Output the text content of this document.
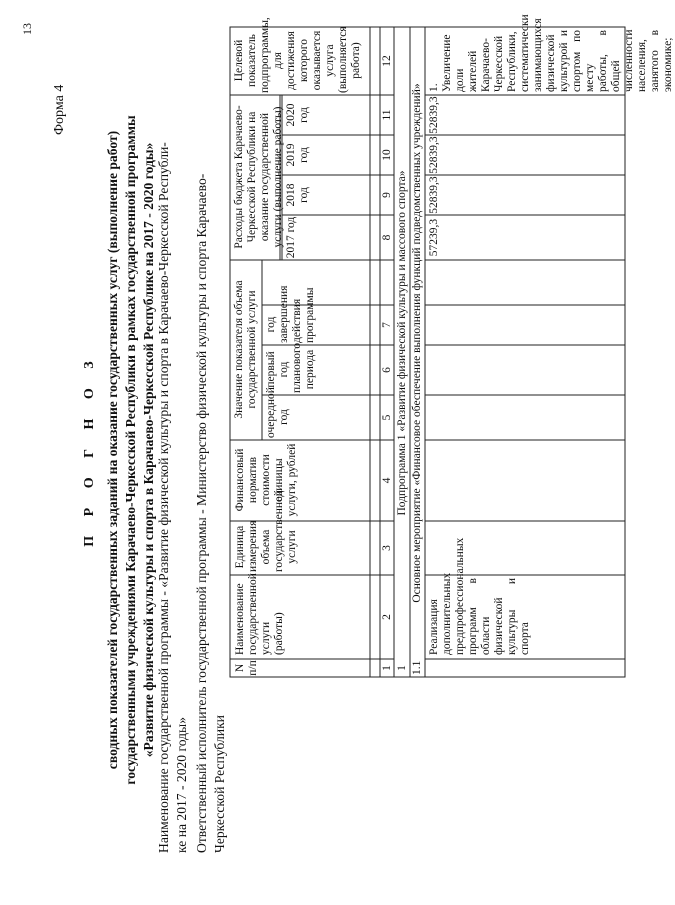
13
Форма 4
П Р О Г Н О З сводных показателей государственных заданий на оказание государственных услуг (выполнение работ) государственными учреждениями Карачаево-Черкесской Республики в рамках государственной программы «Развитие физической культуры и спорта в Карачаево-Черкесской Республике на 2017 - 2020 годы» Наименование государственной программы - «Развитие физической культуры и спорта в Карачаево-Черкесской Республи- ке на 2017 - 2020 годы» Ответственный исполнитель государственной программы - Министерство физической культуры и спорта Карачаево- Черкесской Республики
N п/п
Наименование государственной услуги (работы)
Единица измерения объема государственной услуги
Финансовый норматив стоимости единицы услуги, рублей
Значение показателя объема государственной услуги
очередной год
первый год планового периода
год завершения действия программы
Расходы бюджета Карачаево-Черкесской Республики на оказание государственной услуги (выполнение работы) 2017 год
2018 год
2019 год
2020 год
Целевой показатель подпрограммы, для достижения которого оказывается услуга (выполняется работа)
1
2
3
4
5
6
7
8
9
10
11
12
1
Подпрограмма 1 «Развитие физической культуры и массового спорта»
1.1
Основное мероприятие «Финансовое обеспечение выполнения функций подведомственных учреждений»
Реализация дополнительных предпрофессиональных программ в области физической культуры и спорта
57239,3
52839,3
52839,3
52839,3
1. Увеличение доли жителей Карачаево-Черкесской Республики, систематически занимающихся физической культурой и спортом по месту работы, в общей численности населения, занятого в экономике;
